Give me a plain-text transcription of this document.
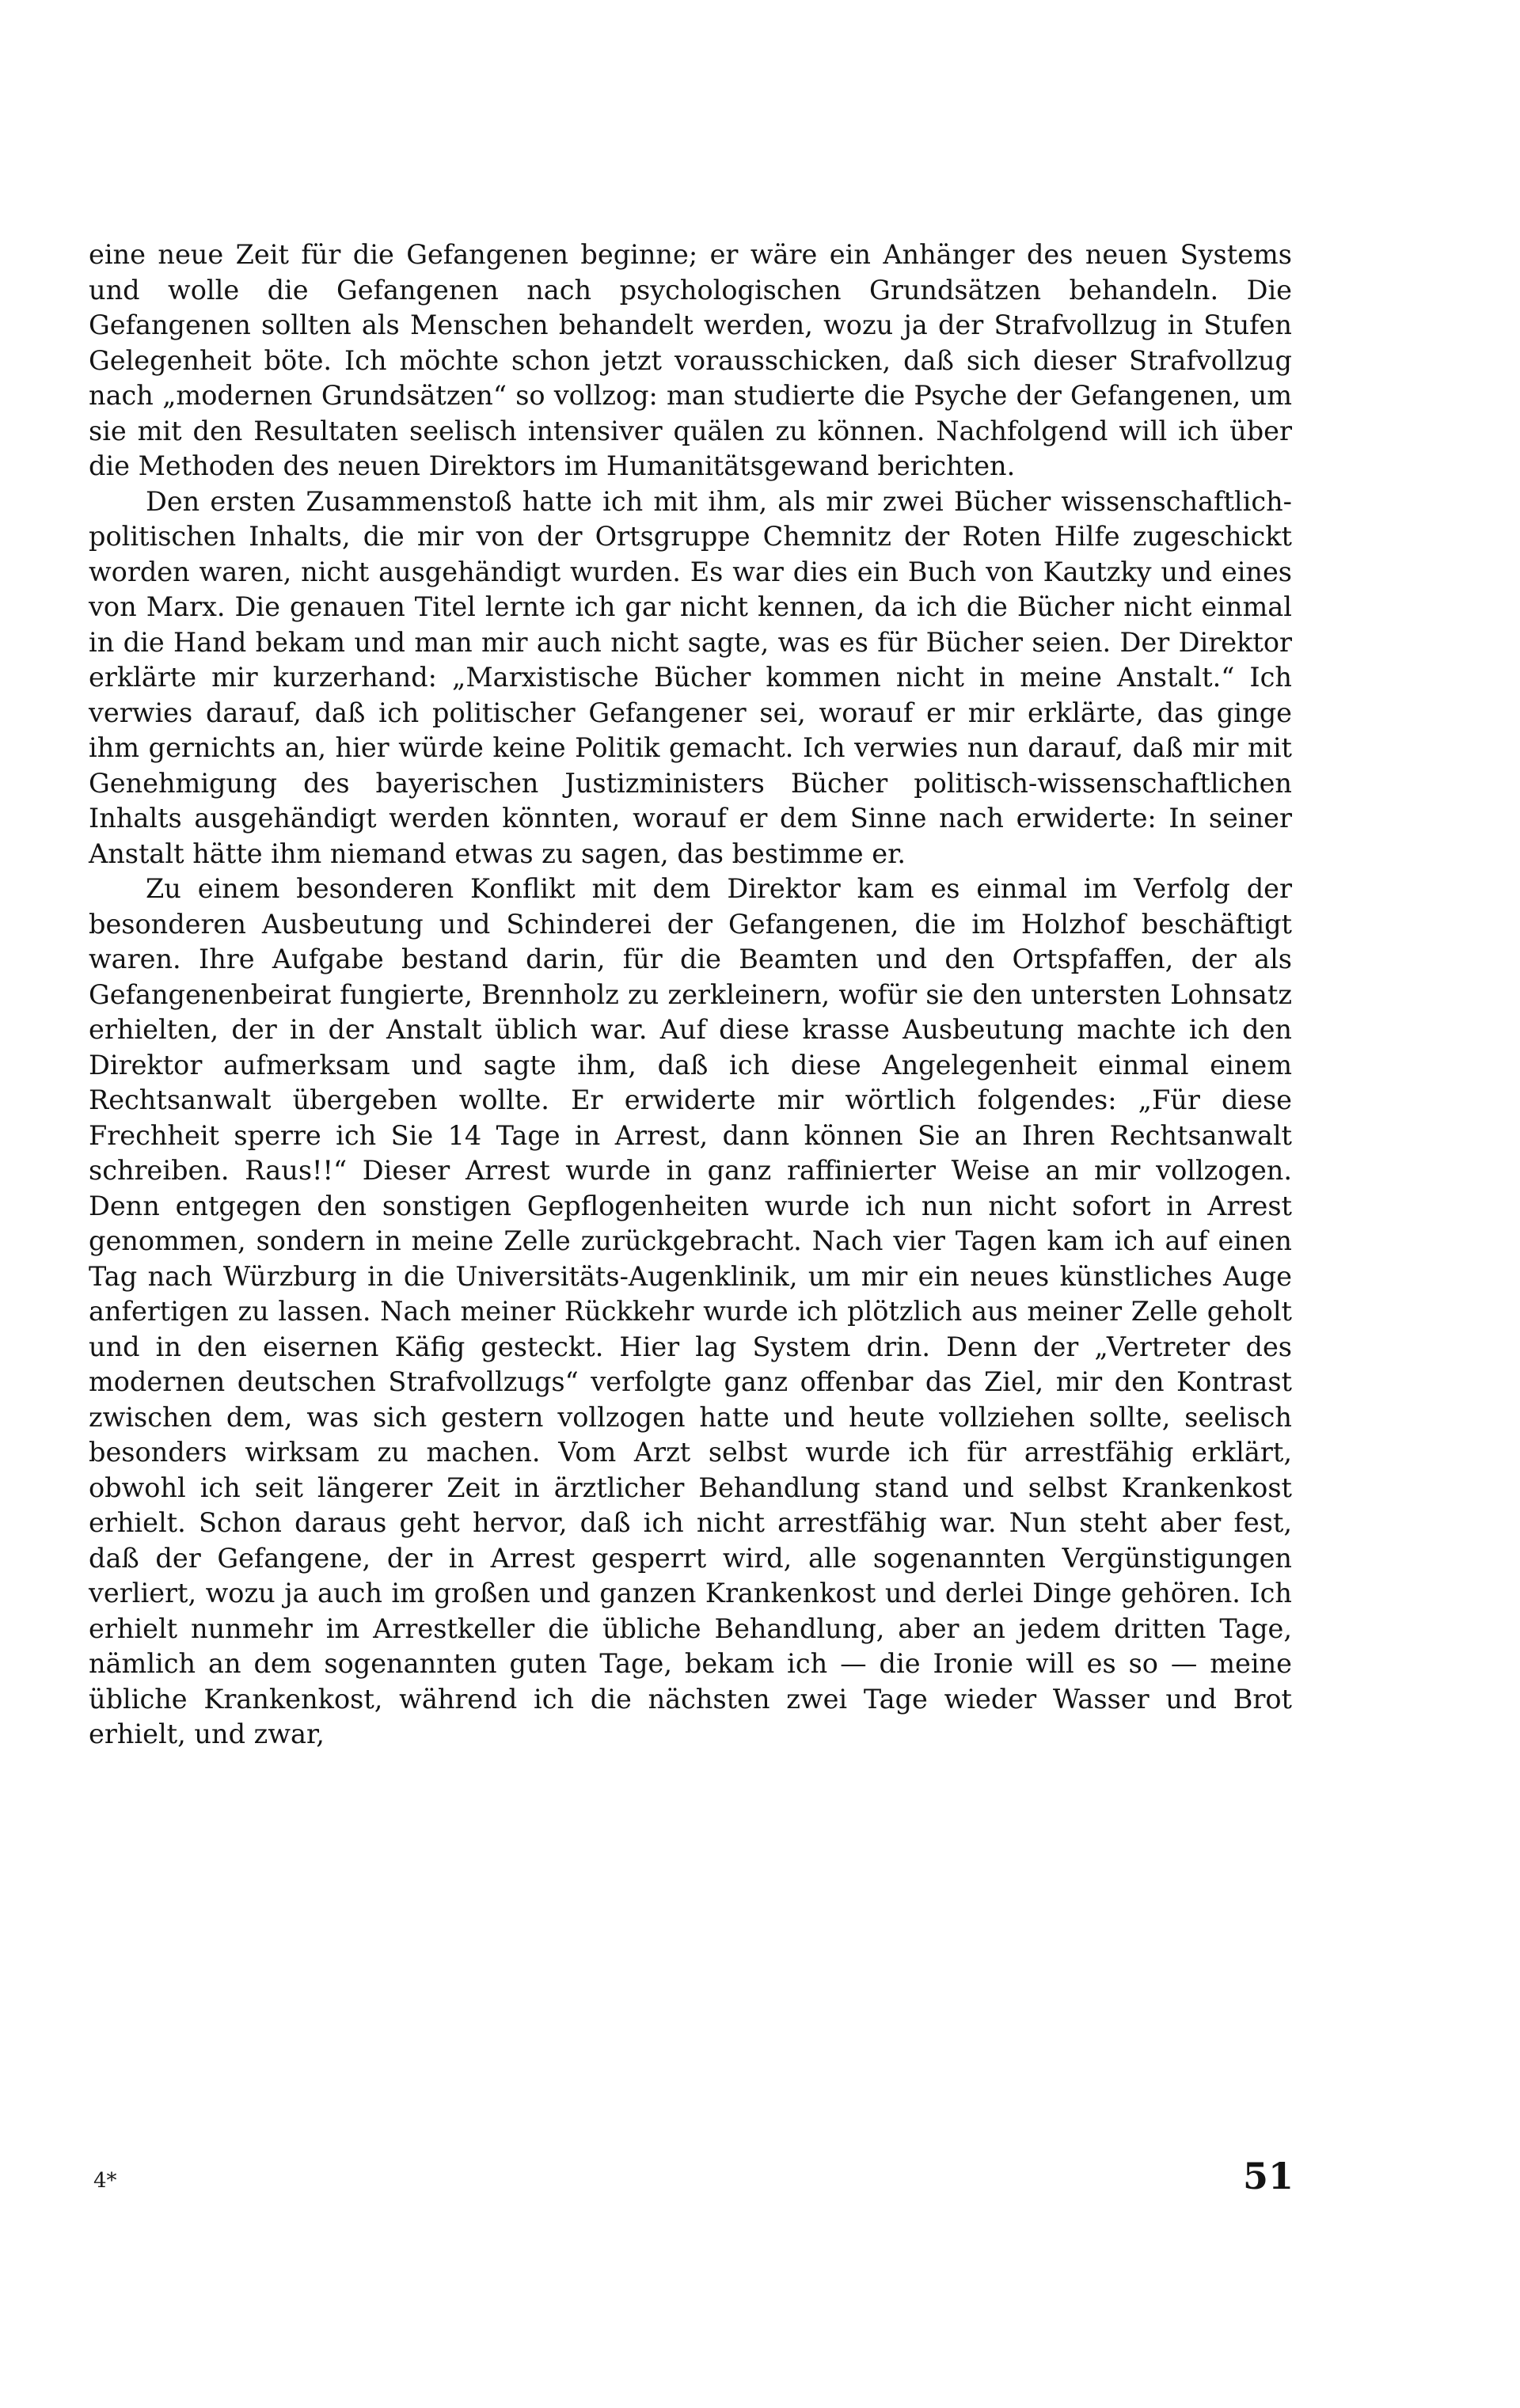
eine neue Zeit für die Gefangenen beginne; er wäre ein Anhänger des neuen Systems und wolle die Gefangenen nach psychologischen Grundsätzen behandeln. Die Gefangenen sollten als Menschen behandelt werden, wozu ja der Strafvollzug in Stufen Gelegenheit böte. Ich möchte schon jetzt vorausschicken, daß sich dieser Strafvollzug nach „modernen Grundsätzen“ so vollzog: man studierte die Psyche der Gefangenen, um sie mit den Resultaten seelisch intensiver quälen zu können. Nachfolgend will ich über die Methoden des neuen Direktors im Humanitätsgewand berichten.

Den ersten Zusammenstoß hatte ich mit ihm, als mir zwei Bücher wissenschaftlich-politischen Inhalts, die mir von der Ortsgruppe Chemnitz der Roten Hilfe zugeschickt worden waren, nicht ausgehändigt wurden. Es war dies ein Buch von Kautzky und eines von Marx. Die genauen Titel lernte ich gar nicht kennen, da ich die Bücher nicht einmal in die Hand bekam und man mir auch nicht sagte, was es für Bücher seien. Der Direktor erklärte mir kurzerhand: „Marxistische Bücher kommen nicht in meine Anstalt.“ Ich verwies darauf, daß ich politischer Gefangener sei, worauf er mir erklärte, das ginge ihm gernichts an, hier würde keine Politik gemacht. Ich verwies nun darauf, daß mir mit Genehmigung des bayerischen Justizministers Bücher politisch-wissenschaftlichen Inhalts ausgehändigt werden könnten, worauf er dem Sinne nach erwiderte: In seiner Anstalt hätte ihm niemand etwas zu sagen, das bestimme er.

Zu einem besonderen Konflikt mit dem Direktor kam es einmal im Verfolg der besonderen Ausbeutung und Schinderei der Gefangenen, die im Holzhof beschäftigt waren. Ihre Aufgabe bestand darin, für die Beamten und den Ortspfaffen, der als Gefangenenbeirat fungierte, Brennholz zu zerkleinern, wofür sie den untersten Lohnsatz erhielten, der in der Anstalt üblich war. Auf diese krasse Ausbeutung machte ich den Direktor aufmerksam und sagte ihm, daß ich diese Angelegenheit einmal einem Rechtsanwalt übergeben wollte. Er erwiderte mir wörtlich folgendes: „Für diese Frechheit sperre ich Sie 14 Tage in Arrest, dann können Sie an Ihren Rechtsanwalt schreiben. Raus!!“ Dieser Arrest wurde in ganz raffinierter Weise an mir vollzogen. Denn entgegen den sonstigen Gepflogenheiten wurde ich nun nicht sofort in Arrest genommen, sondern in meine Zelle zurückgebracht. Nach vier Tagen kam ich auf einen Tag nach Würzburg in die Universitäts-Augenklinik, um mir ein neues künstliches Auge anfertigen zu lassen. Nach meiner Rückkehr wurde ich plötzlich aus meiner Zelle geholt und in den eisernen Käfig gesteckt. Hier lag System drin. Denn der „Vertreter des modernen deutschen Strafvollzugs“ verfolgte ganz offenbar das Ziel, mir den Kontrast zwischen dem, was sich gestern vollzogen hatte und heute vollziehen sollte, seelisch besonders wirksam zu machen. Vom Arzt selbst wurde ich für arrestfähig erklärt, obwohl ich seit längerer Zeit in ärztlicher Behandlung stand und selbst Krankenkost erhielt. Schon daraus geht hervor, daß ich nicht arrestfähig war. Nun steht aber fest, daß der Gefangene, der in Arrest gesperrt wird, alle sogenannten Vergünstigungen verliert, wozu ja auch im großen und ganzen Krankenkost und derlei Dinge gehören. Ich erhielt nunmehr im Arrestkeller die übliche Behandlung, aber an jedem dritten Tage, nämlich an dem sogenannten guten Tage, bekam ich — die Ironie will es so — meine übliche Krankenkost, während ich die nächsten zwei Tage wieder Wasser und Brot erhielt, und zwar,

4*	51
